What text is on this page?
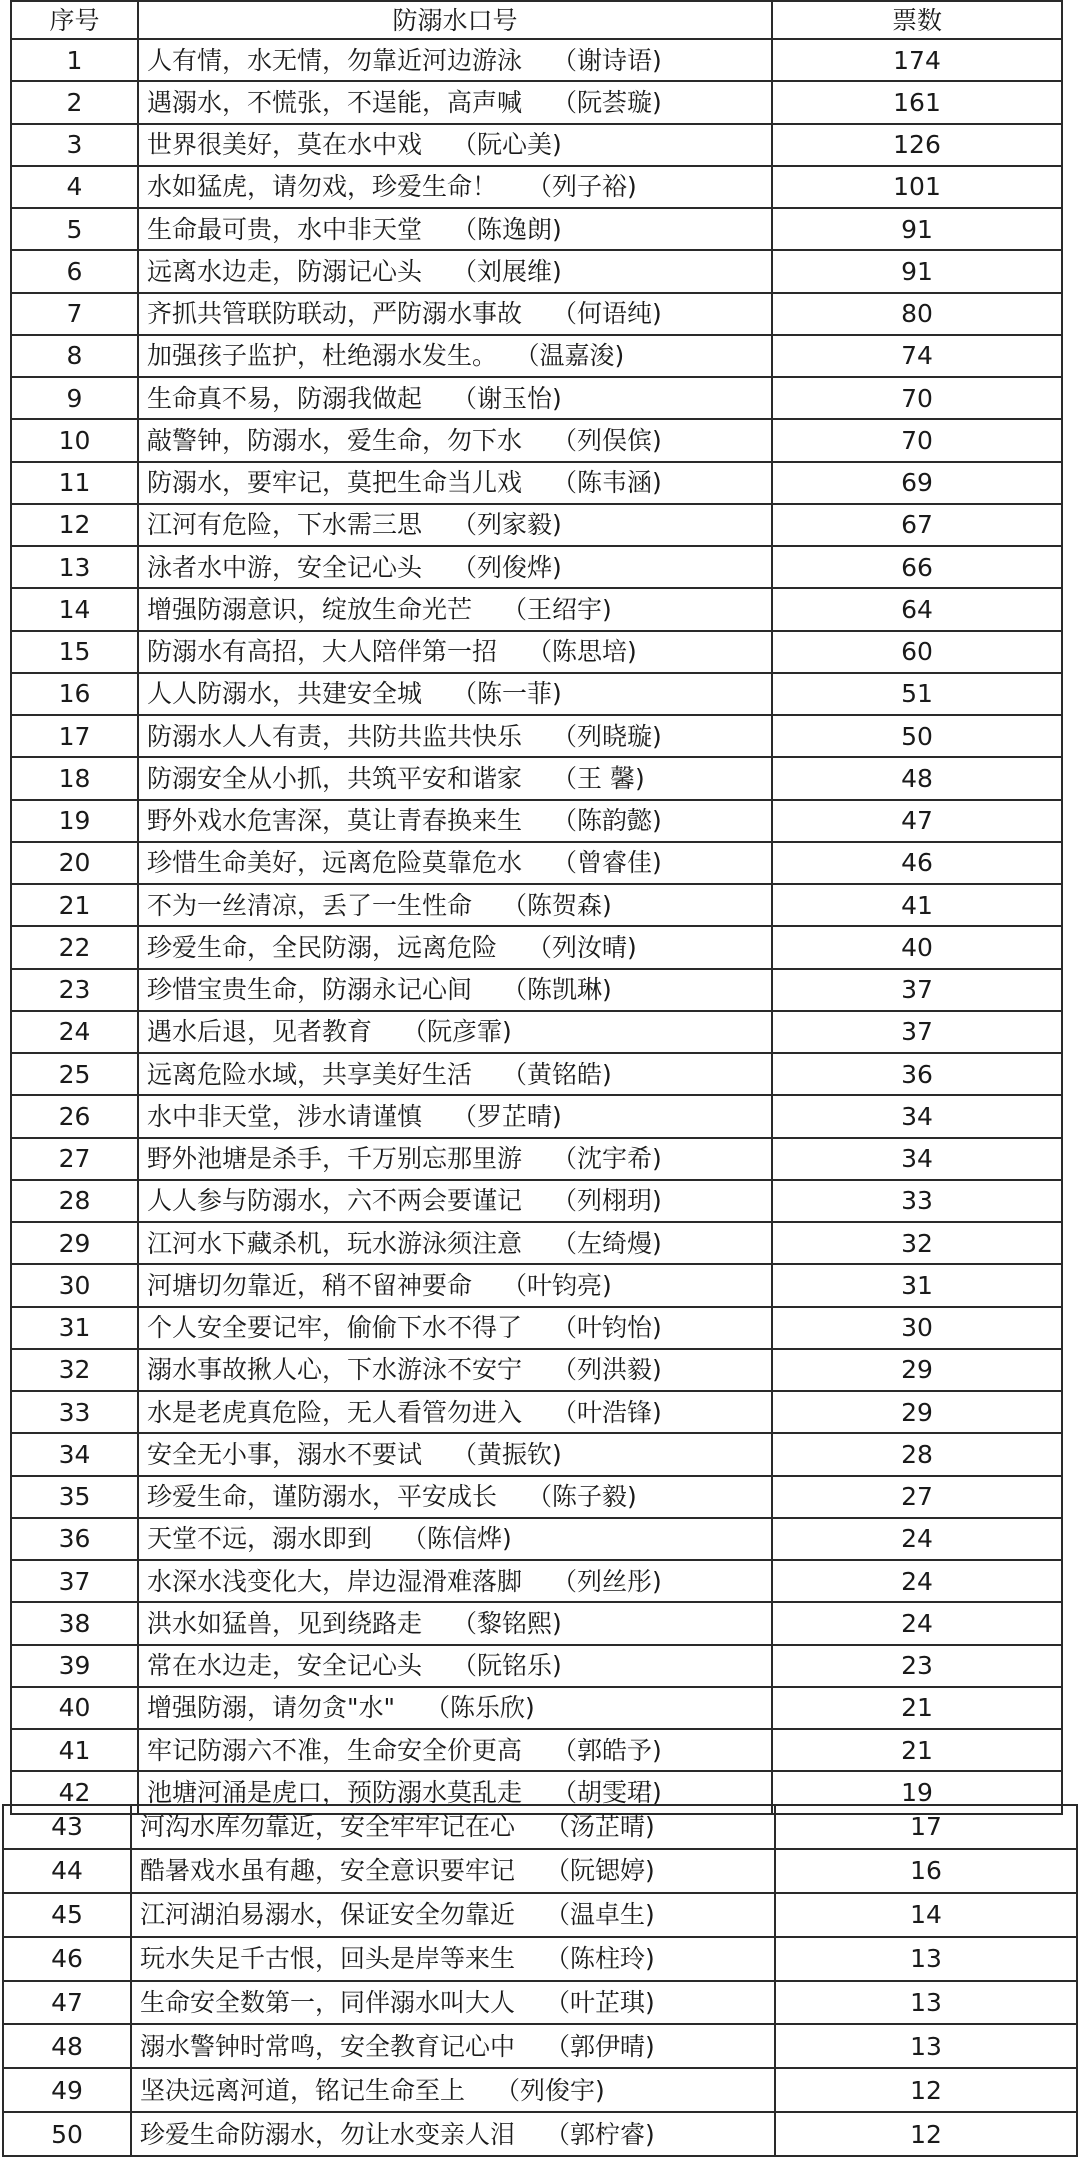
序号	防溺水口号	票数
1	人有情，水无情，勿靠近河边游泳 （谢诗语)	174
2	遇溺水，不慌张，不逞能，高声喊 （阮荟璇)	161
3	世界很美好，莫在水中戏 （阮心美)	126
4	水如猛虎，请勿戏，珍爱生命！ （列子裕)	101
5	生命最可贵，水中非天堂 （陈逸朗)	91
6	远离水边走，防溺记心头 （刘展维)	91
7	齐抓共管联防联动，严防溺水事故 （何语纯)	80
8	加强孩子监护，杜绝溺水发生。 （温嘉浚)	74
9	生命真不易，防溺我做起 （谢玉怡)	70
10	敲警钟，防溺水，爱生命，勿下水 （列俣傧)	70
11	防溺水，要牢记，莫把生命当儿戏 （陈韦涵)	69
12	江河有危险，下水需三思 （列家毅)	67
13	泳者水中游，安全记心头 （列俊烨)	66
14	增强防溺意识，绽放生命光芒 （王绍宇)	64
15	防溺水有高招，大人陪伴第一招 （陈思培)	60
16	人人防溺水，共建安全城 （陈一菲)	51
17	防溺水人人有责，共防共监共快乐 （列晓璇)	50
18	防溺安全从小抓，共筑平安和谐家 （王 馨)	48
19	野外戏水危害深，莫让青春换来生 （陈韵懿)	47
20	珍惜生命美好，远离危险莫靠危水 （曾睿佳)	46
21	不为一丝清凉，丢了一生性命 （陈贺森)	41
22	珍爱生命，全民防溺，远离危险 （列汝晴)	40
23	珍惜宝贵生命，防溺永记心间 （陈凯琳)	37
24	遇水后退，见者教育 （阮彦霏)	37
25	远离危险水域，共享美好生活 （黄铭皓)	36
26	水中非天堂，涉水请谨慎 （罗芷晴)	34
27	野外池塘是杀手，千万别忘那里游 （沈宇希)	34
28	人人参与防溺水，六不两会要谨记 （列栩玥)	33
29	江河水下藏杀机，玩水游泳须注意 （左绮熳)	32
30	河塘切勿靠近，稍不留神要命 （叶钧亮)	31
31	个人安全要记牢，偷偷下水不得了 （叶钧怡)	30
32	溺水事故揪人心，下水游泳不安宁 （列洪毅)	29
33	水是老虎真危险，无人看管勿进入 （叶浩锋)	29
34	安全无小事，溺水不要试 （黄振钦)	28
35	珍爱生命，谨防溺水，平安成长 （陈子毅)	27
36	天堂不远，溺水即到 （陈信烨)	24
37	水深水浅变化大，岸边湿滑难落脚 （列丝彤)	24
38	洪水如猛兽，见到绕路走 （黎铭熙)	24
39	常在水边走，安全记心头 （阮铭乐)	23
40	增强防溺，请勿贪"水" （陈乐欣)	21
41	牢记防溺六不准，生命安全价更高 （郭皓予)	21
42	池塘河涌是虎口，预防溺水莫乱走 （胡雯珺)	19
43	河沟水库勿靠近，安全牢牢记在心 （汤芷晴)	17
44	酷暑戏水虽有趣，安全意识要牢记 （阮锶婷)	16
45	江河湖泊易溺水，保证安全勿靠近 （温卓生)	14
46	玩水失足千古恨，回头是岸等来生 （陈柱玲)	13
47	生命安全数第一，同伴溺水叫大人 （叶芷琪)	13
48	溺水警钟时常鸣，安全教育记心中 （郭伊晴)	13
49	坚决远离河道，铭记生命至上 （列俊宇)	12
50	珍爱生命防溺水，勿让水变亲人泪 （郭柠睿)	12
